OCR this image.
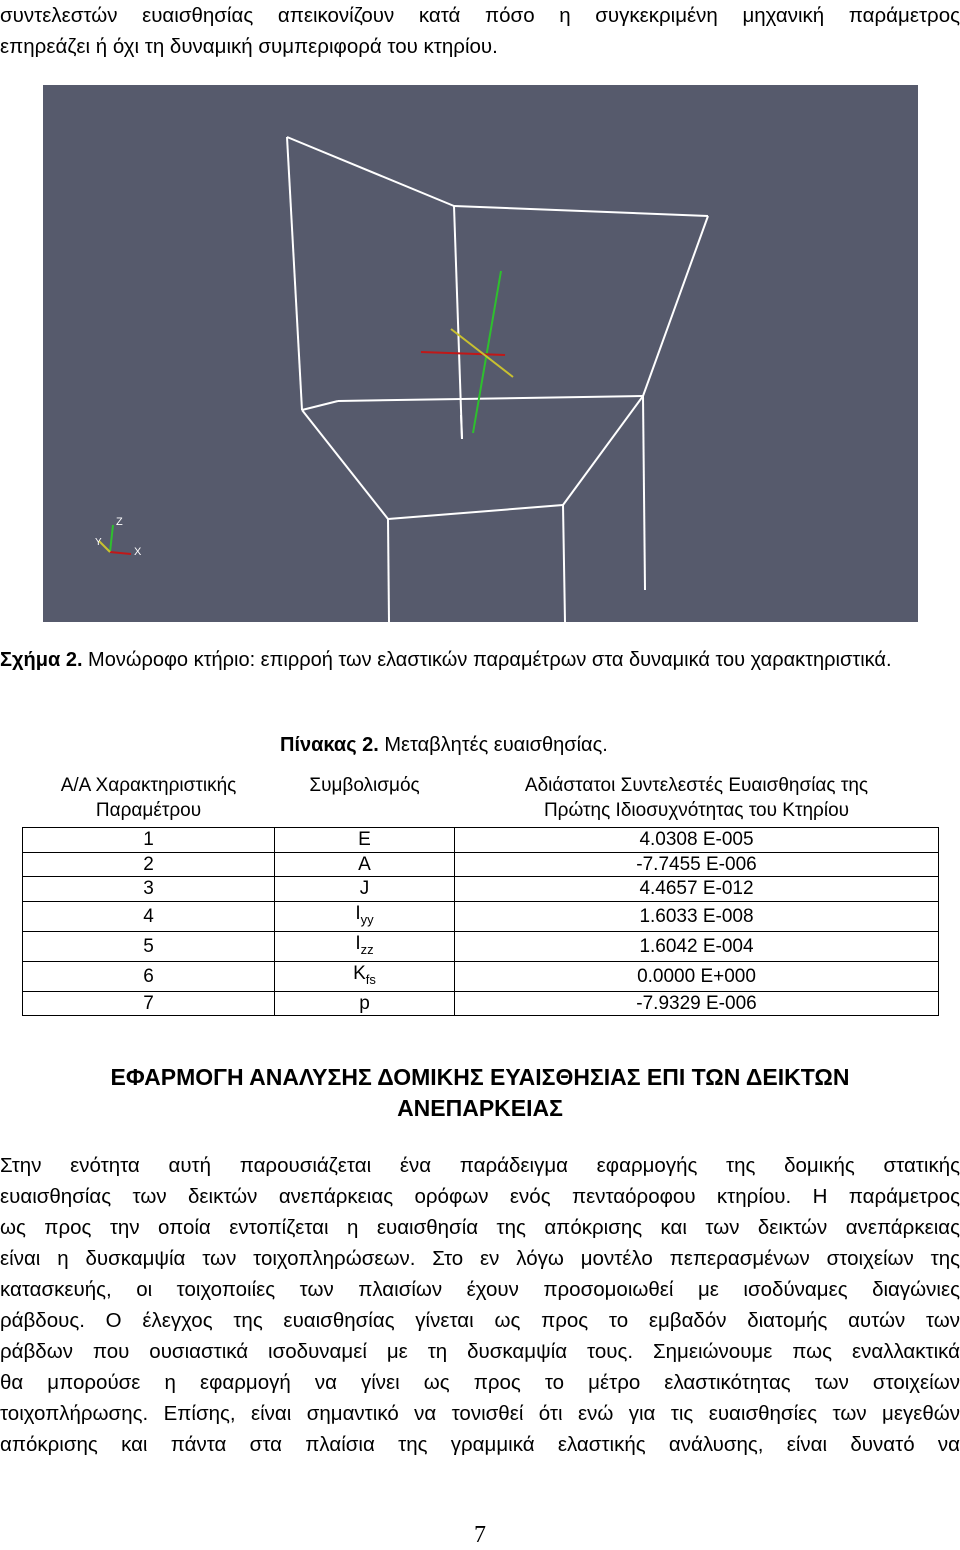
συντελεστών ευαισθησίας απεικονίζουν κατά πόσο η συγκεκριμένη μηχανική παράμετρος
επηρεάζει ή όχι τη δυναμική συμπεριφορά του κτηρίου.

Z
Y
X
Σχήμα 2. Μονώροφο κτήριο: επιρροή των ελαστικών παραμέτρων στα δυναμικά του χαρακτηριστικά.
Πίνακας 2. Μεταβλητές ευαισθησίας.
Α/Α Χαρακτηριστικής
Παραμέτρου	Συμβολισμός	Αδιάστατοι Συντελεστές Ευαισθησίας της
Πρώτης Ιδιοσυχνότητας του Κτηρίου
1	E	4.0308 E-005
2	A	-7.7455 E-006
3	J	4.4657 E-012
4	$I_{yy}$	1.6033 E-008
5	$I_{zz}$	1.6042 E-004
6	$K_{fs}$	0.0000 E+000
7	p	-7.9329 E-006
ΕΦΑΡΜΟΓΗ ΑΝΑΛΥΣΗΣ ΔΟΜΙΚΗΣ ΕΥΑΙΣΘΗΣΙΑΣ ΕΠΙ ΤΩΝ ΔΕΙΚΤΩΝ
ΑΝΕΠΑΡΚΕΙΑΣ

Στην ενότητα αυτή παρουσιάζεται ένα παράδειγμα εφαρμογής της δομικής στατικής
ευαισθησίας των δεικτών ανεπάρκειας ορόφων ενός πενταόροφου κτηρίου. Η παράμετρος
ως προς την οποία εντοπίζεται η ευαισθησία της απόκρισης και των δεικτών ανεπάρκειας
είναι η δυσκαμψία των τοιχοπληρώσεων. Στο εν λόγω μοντέλο πεπερασμένων στοιχείων της
κατασκευής, οι τοιχοποιίες των πλαισίων έχουν προσομοιωθεί με ισοδύναμες διαγώνιες
ράβδους. Ο έλεγχος της ευαισθησίας γίνεται ως προς το εμβαδόν διατομής αυτών των
ράβδων που ουσιαστικά ισοδυναμεί με τη δυσκαμψία τους. Σημειώνουμε πως εναλλακτικά
θα μπορούσε η εφαρμογή να γίνει ως προς το μέτρο ελαστικότητας των στοιχείων
τοιχοπλήρωσης. Επίσης, είναι σημαντικό να τονισθεί ότι ενώ για τις ευαισθησίες των μεγεθών
απόκρισης και πάντα στα πλαίσια της γραμμικά ελαστικής ανάλυσης, είναι δυνατό να

7
